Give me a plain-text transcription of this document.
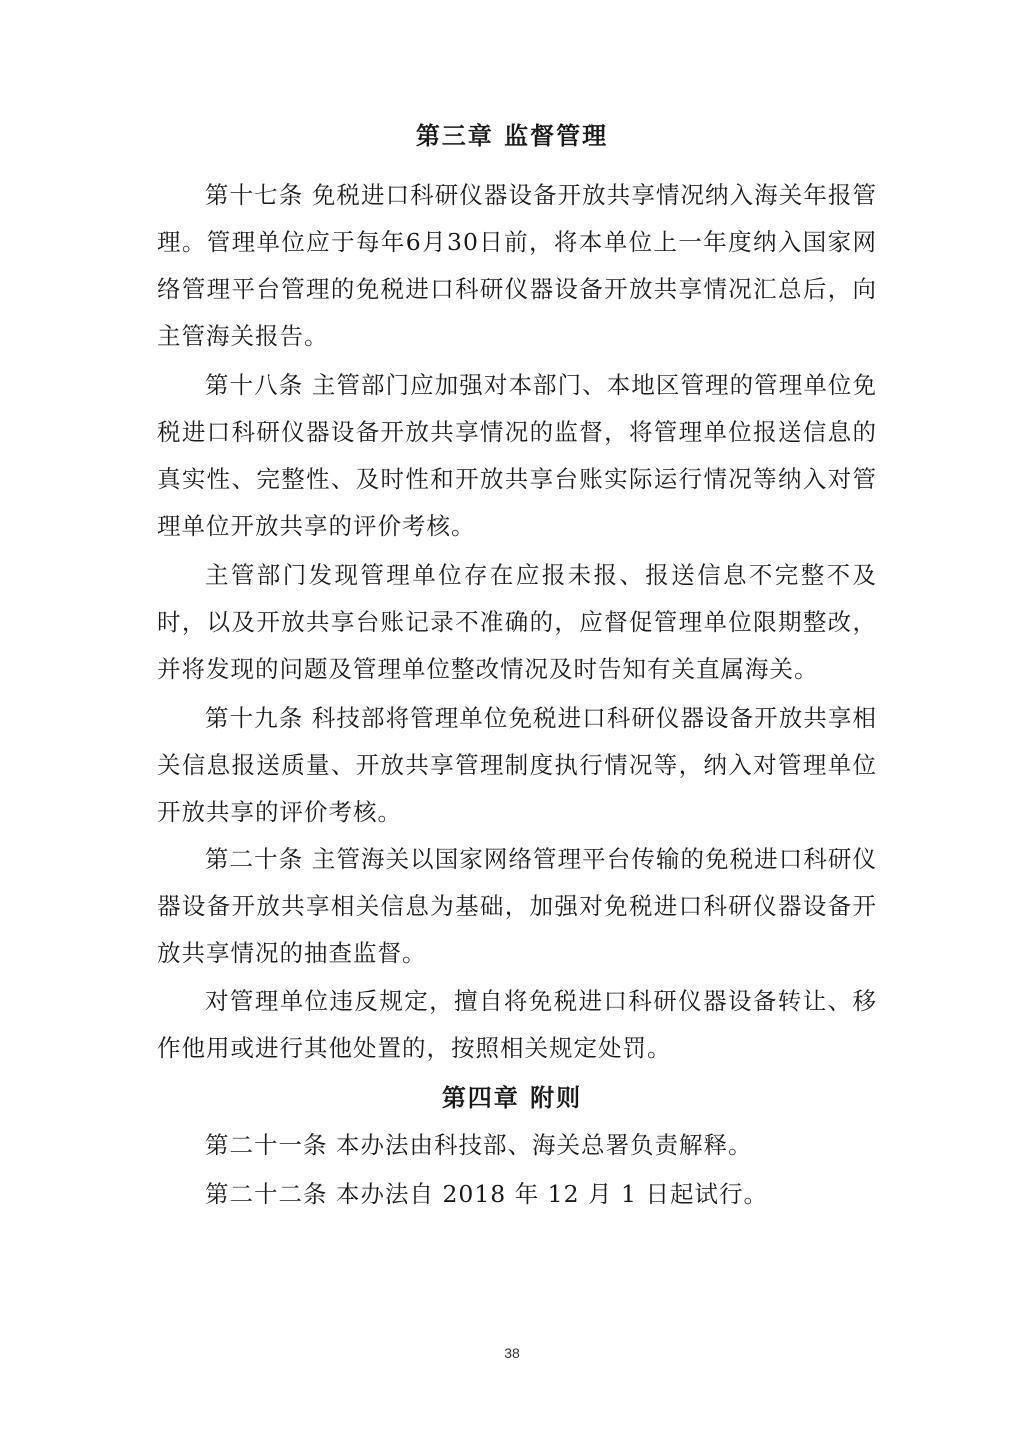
第三章 监督管理

第十七条 免税进口科研仪器设备开放共享情况纳入海关年报管理。管理单位应于每年6月30日前，将本单位上一年度纳入国家网 络管理平台管理的免税进口科研仪器设备开放共享情况汇总后，向主管海关报告。

第十八条 主管部门应加强对本部门、本地区管理的管理单位免税进口科研仪器设备开放共享情况的监督，将管理单位报送信息的真实性、完整性、及时性和开放共享台账实际运行情况等纳入对管理单位开放共享的评价考核。

主管部门发现管理单位存在应报未报、报送信息不完整不及时，以及开放共享台账记录不准确的，应督促管理单位限期整改，并将发现的问题及管理单位整改情况及时告知有关直属海关。

第十九条 科技部将管理单位免税进口科研仪器设备开放共享相关信息报送质量、开放共享管理制度执行情况等，纳入对管理单位开放共享的评价考核。

第二十条 主管海关以国家网络管理平台传输的免税进口科研仪器设备开放共享相关信息为基础，加强对免税进口科研仪器设备开放共享情况的抽查监督。

对管理单位违反规定，擅自将免税进口科研仪器设备转让、移作他用或进行其他处置的，按照相关规定处罚。

第四章 附则

第二十一条 本办法由科技部、海关总署负责解释。

第二十二条 本办法自 2018 年 12 月 1 日起试行。

38
